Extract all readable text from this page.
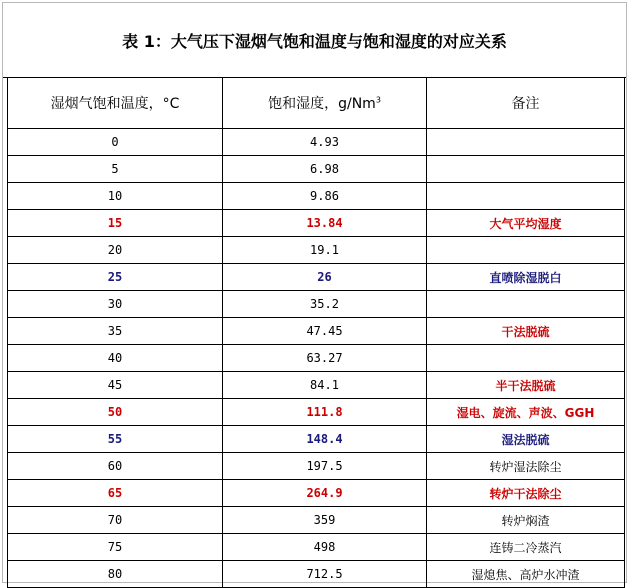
表 1：大气压下湿烟气饱和温度与饱和湿度的对应关系
湿烟气饱和温度，°C	饱和湿度，g/Nm$^3$	备注
0	4.93	
5	6.98	
10	9.86	
15	13.84	大气平均湿度
20	19.1	
25	26	直喷除湿脱白
30	35.2	
35	47.45	干法脱硫
40	63.27	
45	84.1	半干法脱硫
50	111.8	湿电、旋流、声波、GGH
55	148.4	湿法脱硫
60	197.5	转炉湿法除尘
65	264.9	转炉干法除尘
70	359	转炉焖渣
75	498	连铸二冷蒸汽
80	712.5	湿熄焦、高炉水冲渣
